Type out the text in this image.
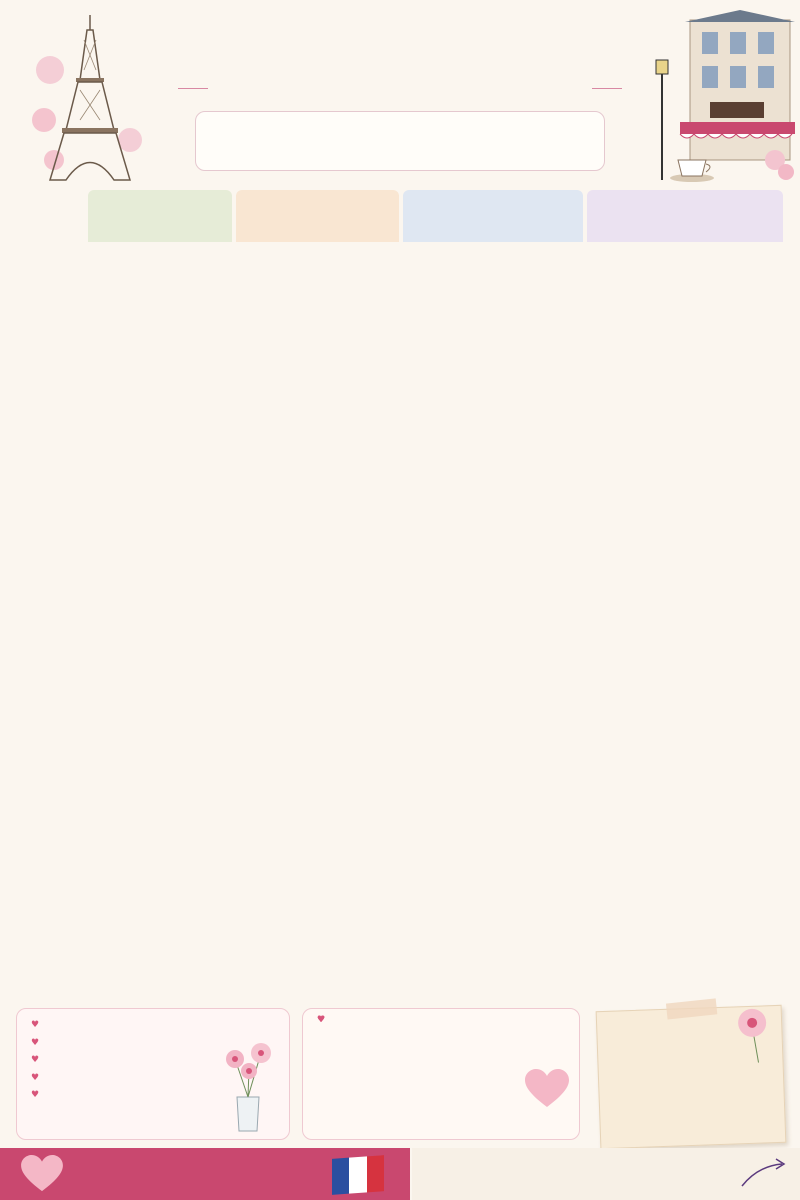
♥
♥
♥
♥
♥
